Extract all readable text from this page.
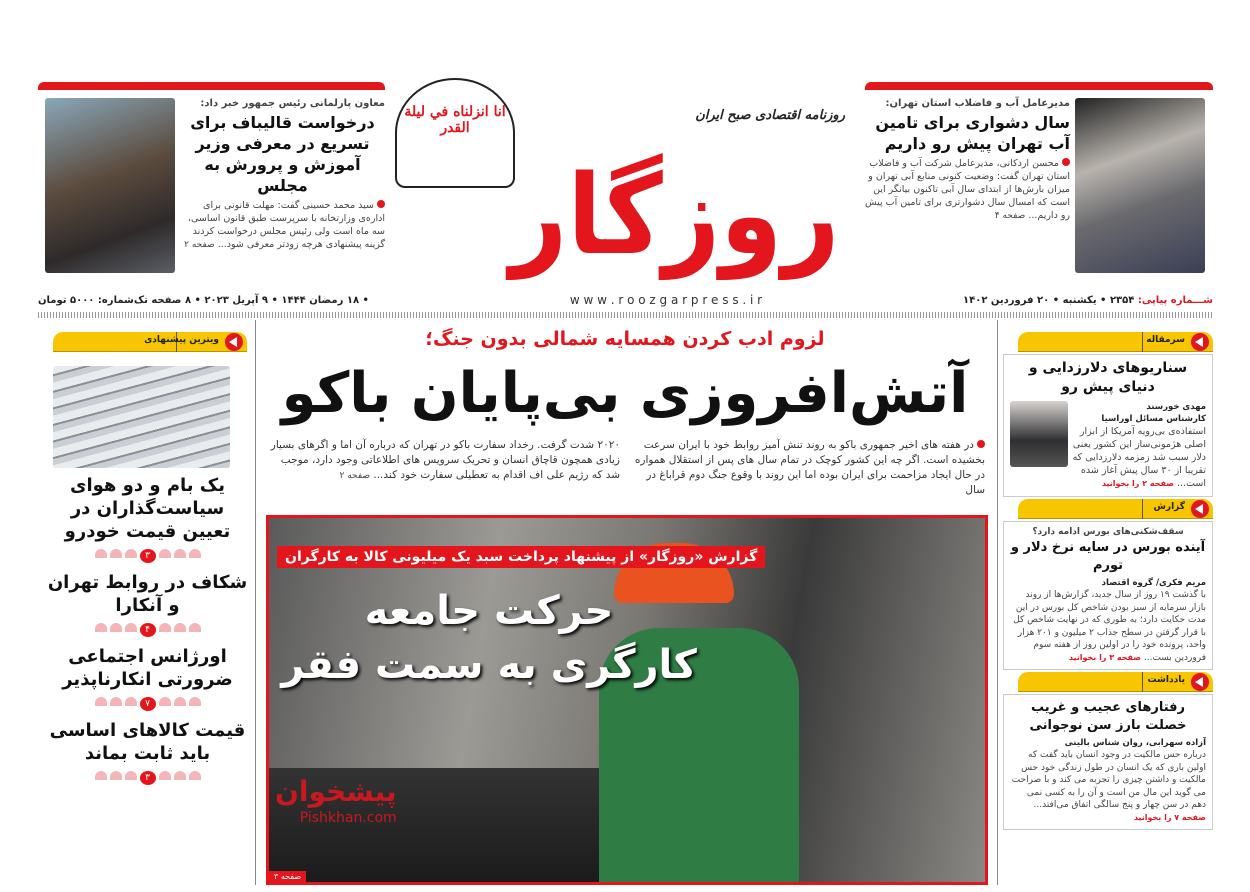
معاون پارلمانی رئیس جمهور خبر داد:
درخواست قالیباف برای تسریع در معرفی وزیر آموزش و پرورش به مجلس
سید محمد حسینی گفت: مهلت قانونی برای اداره‌ی وزارتخانه با سرپرست طبق قانون اساسی، سه ماه است ولی رئیس مجلس درخواست کردند گزینه پیشنهادی هرچه زودتر معرفی شود... صفحه ۲
انا انزلناه في ليلة القدر
روزنامه اقتصادی صبح ایران
روزگار
مدیرعامل آب و فاضلاب استان تهران:
سال دشواری برای تامین آب تهران پیش رو داریم
محسن اردکانی، مدیرعامل شرکت آب و فاضلاب استان تهران گفت: وضعیت کنونی منابع آبی تهران و میزان بارش‌ها از ابتدای سال آبی تاکنون بیانگر این است که امسال سال دشوارتری برای تامین آب پیش رو داریم... صفحه ۴
• ۱۸ رمضان ۱۴۴۴ • ۹ آپریل ۲۰۲۳ • ۸ صفحه تک‌شماره: ۵۰۰۰ تومان	w w w . r o o z g a r p r e s s . i r	شـــماره پیاپی: ۲۳۵۴ • یکشنبه • ۲۰ فروردین ۱۴۰۲
لزوم ادب کردن همسایه شمالی بدون جنگ؛
آتش‌افروزی بی‌پایان باکو
در هفته های اخیر جمهوری باکو به روند تنش آمیز روابط خود با ایران سرعت بخشیده است. اگر چه این کشور کوچک در تمام سال های پس از استقلال همواره در حال ایجاد مزاحمت برای ایران بوده اما این روند با وقوع جنگ دوم قراباغ در سال
۲۰۲۰ شدت گرفت. رخداد سفارت باکو در تهران که درباره آن اما و اگرهای بسیار زیادی همچون قاچاق انسان و تحریک سرویس های اطلاعاتی وجود دارد، موجب شد که رژیم علی اف اقدام به تعطیلی سفارت خود کند... صفحه ۲
گزارش «روزگار» از پیشنهاد پرداخت سبد یک میلیونی کالا به کارگران
حرکت جامعه
کارگری به سمت فقر
صفحه ۳
ویترین پیشنهادی
یک بام و دو هوای سیاست‌گذاران در تعیین قیمت خودرو
۳
شکاف در روابط تهران و آنکارا
۴
اورژانس اجتماعی ضرورتی انکارناپذیر
۷
قیمت کالاهای اساسی باید ثابت بماند
۳	پیشخوان
Pishkhan.com
سرمقاله
سناریوهای دلارزدایی و دنیای پیش رو
مهدی خورسند
کارشناس مسائل اوراسیا
استفاده‌ی بی‌رویه آمریکا از ابزار اصلی هژمونی‌ساز این کشور یعنی دلار سبب شد زمزمه دلارزدایی که تقریبا از ۳۰ سال پیش آغاز شده است... صفحه ۲ را بخوانید
گزارش
سقف‌شکنی‌های بورس ادامه دارد؟
آینده بورس در سایه نرخ دلار و تورم
مریم فکری/ گروه اقتصاد
با گذشت ۱۹ روز از سال جدید، گزارش‌ها از روند بازار سرمایه از سبز بودن شاخص کل بورس در این مدت حکایت دارد؛ به طوری که در نهایت شاخص کل با قرار گرفتن در سطح جذاب ۲ میلیون و ۲۰۱ هزار واحد، پرونده خود را در اولین روز از هفته سوم فروردین بست... صفحه ۳ را بخوانید
یادداشت
رفتارهای عجیب و غریب خصلت بارز سن نوجوانی
آزاده سهرابی، روان شناس بالینی
درباره حس مالکیت در وجود انسان باید گفت که اولین باری که یک انسان در طول زندگی خود حس مالکیت و داشتن چیزی را تجربه می کند و با صراحت می گوید این مال من است و آن را به کسی نمی دهم در سن چهار و پنج سالگی اتفاق می‌افتد... صفحه ۷ را بخوانید
